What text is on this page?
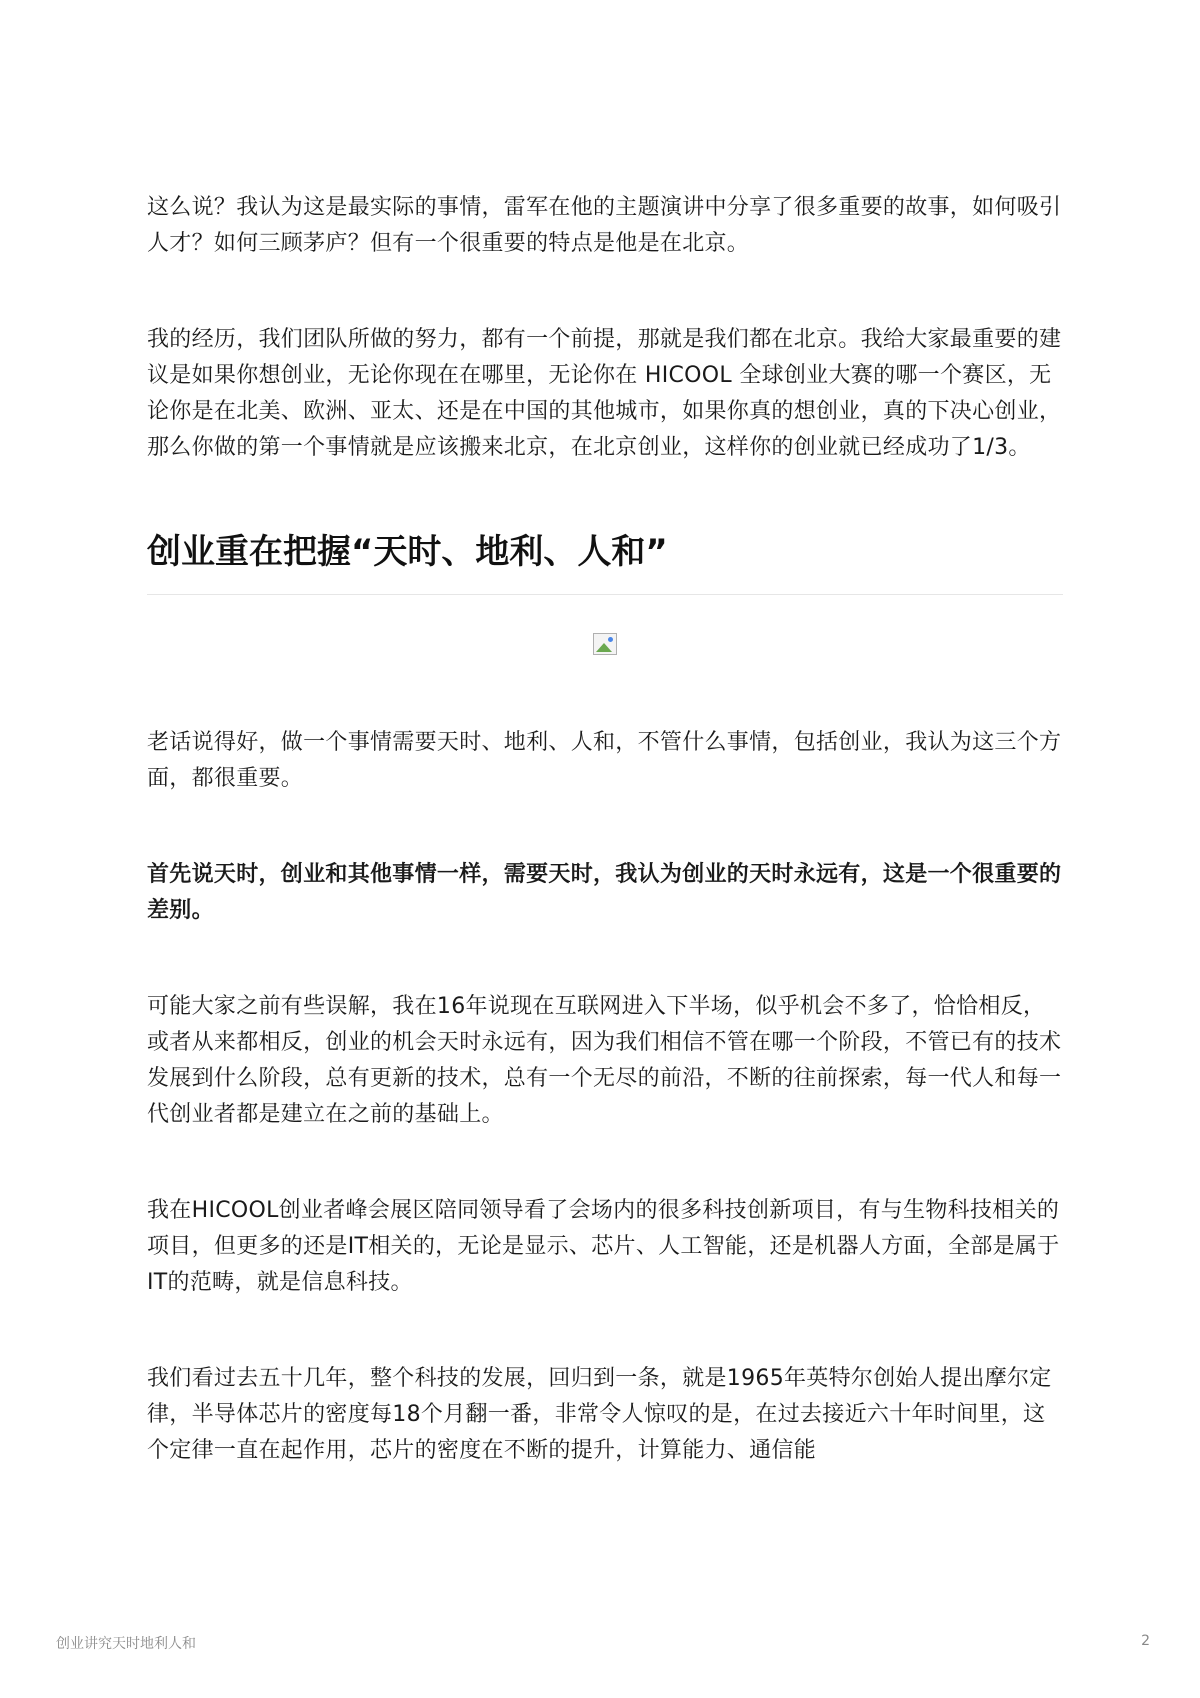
这么说？我认为这是最实际的事情，雷军在他的主题演讲中分享了很多重要的故事，如何吸引人才？如何三顾茅庐？但有一个很重要的特点是他是在北京。

我的经历，我们团队所做的努力，都有一个前提，那就是我们都在北京。我给大家最重要的建议是如果你想创业，无论你现在在哪里，无论你在 HICOOL 全球创业大赛的哪一个赛区，无论你是在北美、欧洲、亚太、还是在中国的其他城市，如果你真的想创业，真的下决心创业，那么你做的第一个事情就是应该搬来北京，在北京创业，这样你的创业就已经成功了1/3。

创业重在把握“天时、地利、人和”

老话说得好，做一个事情需要天时、地利、人和，不管什么事情，包括创业，我认为这三个方面，都很重要。

首先说天时，创业和其他事情一样，需要天时，我认为创业的天时永远有，这是一个很重要的差别。

可能大家之前有些误解，我在16年说现在互联网进入下半场，似乎机会不多了，恰恰相反，或者从来都相反，创业的机会天时永远有，因为我们相信不管在哪一个阶段，不管已有的技术发展到什么阶段，总有更新的技术，总有一个无尽的前沿，不断的往前探索，每一代人和每一代创业者都是建立在之前的基础上。

我在HICOOL创业者峰会展区陪同领导看了会场内的很多科技创新项目，有与生物科技相关的项目，但更多的还是IT相关的，无论是显示、芯片、人工智能，还是机器人方面，全部是属于IT的范畴，就是信息科技。

我们看过去五十几年，整个科技的发展，回归到一条，就是1965年英特尔创始人提出摩尔定律，半导体芯片的密度每18个月翻一番，非常令人惊叹的是，在过去接近六十年时间里，这个定律一直在起作用，芯片的密度在不断的提升，计算能力、通信能

创业讲究天时地利人和	2
